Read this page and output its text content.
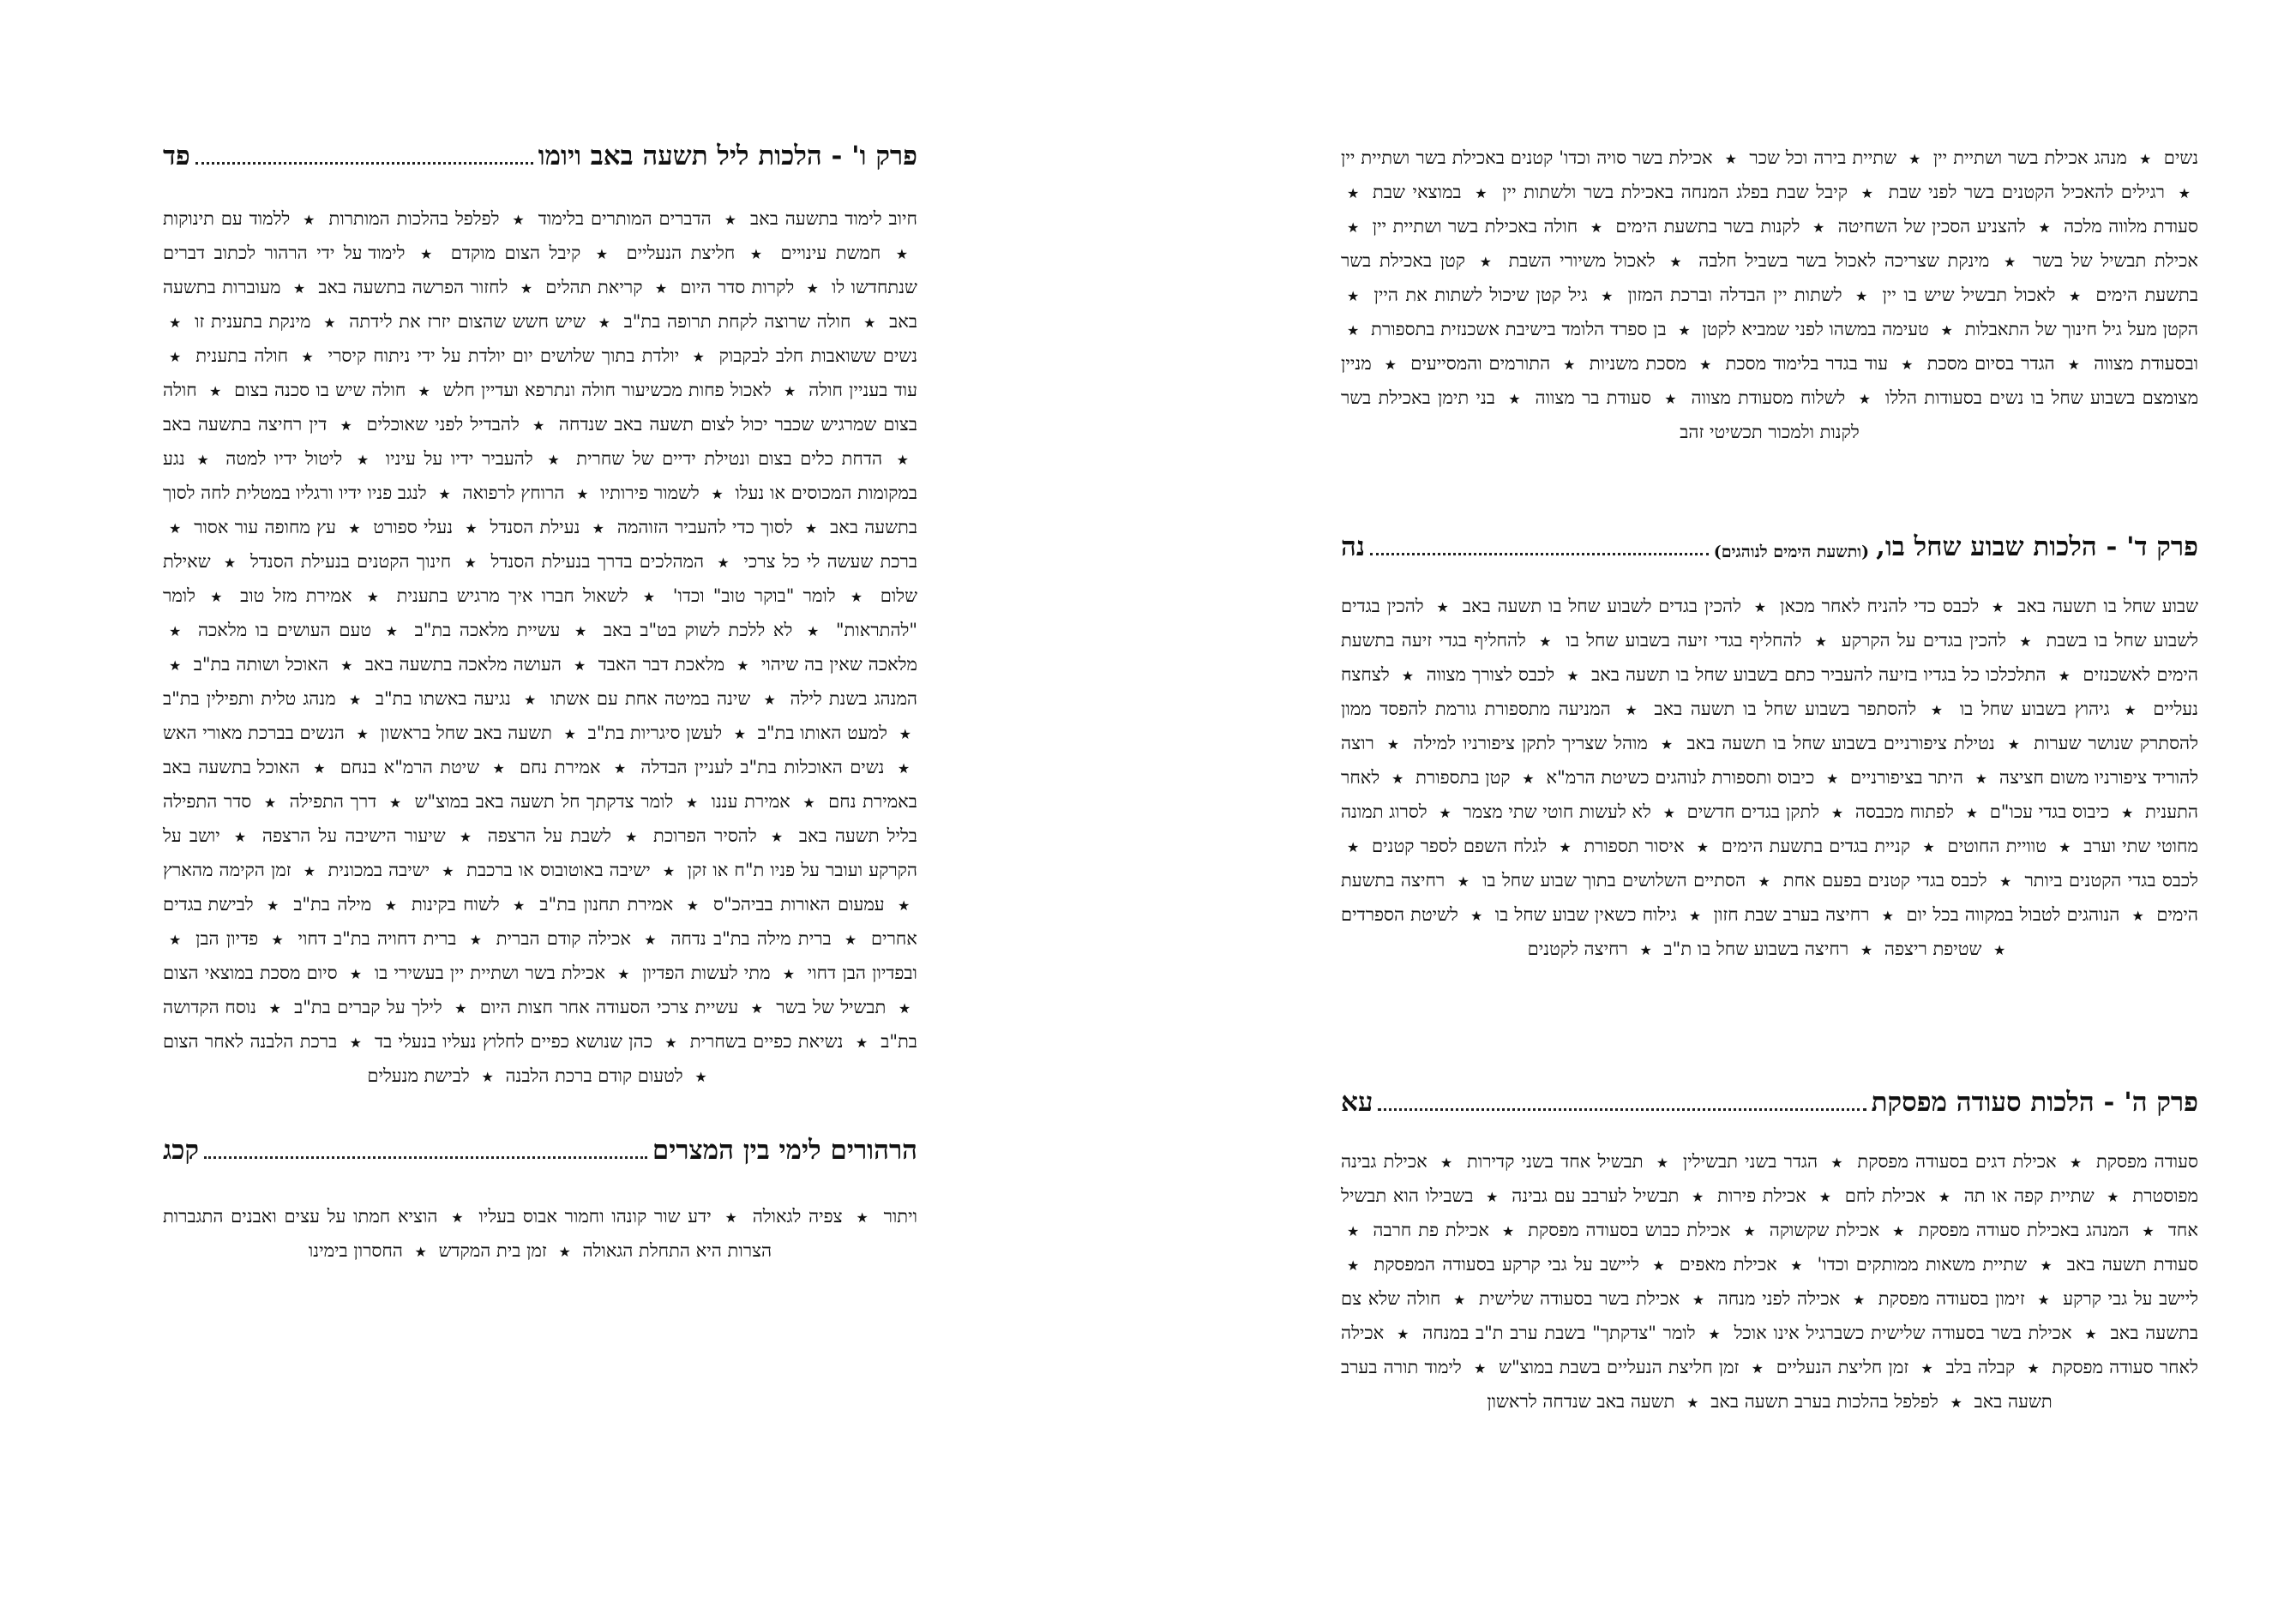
פרק ו' - הלכות ליל תשעה באב ויומו
פד

חיוב לימוד בתשעה באב ★ הדברים המותרים בלימוד ★ לפלפל בהלכות המותרות ★ ללמוד עם תינוקות ★ חמשת עינויים ★ חליצת הנעליים ★ קיבל הצום מוקדם ★ לימוד על ידי הרהור לכתוב דברים שנתחדשו לו ★ לקרות סדר היום ★ קריאת תהלים ★ לחזור הפרשה בתשעה באב ★ מעוברות בתשעה באב ★ חולה שרוצה לקחת תרופה בת"ב ★ שיש חשש שהצום יזרז את לידתה ★ מינקת בתענית זו ★ נשים ששואבות חלב לבקבוק ★ יולדת בתוך שלושים יום יולדת על ידי ניתוח קיסרי ★ חולה בתענית ★ עוד בעניין חולה ★ לאכול פחות מכשיעור חולה ונתרפא ועדיין חלש ★ חולה שיש בו סכנה בצום ★ חולה בצום שמרגיש שכבר יכול לצום תשעה באב שנדחה ★ להבדיל לפני שאוכלים ★ דין רחיצה בתשעה באב ★ הדחת כלים בצום ונטילת ידיים של שחרית ★ להעביר ידיו על עיניו ★ ליטול ידיו למטה ★ נגע במקומות המכוסים או נעלו ★ לשמור פירותיו ★ הרוחץ לרפואה ★ לנגב פניו ידיו ורגליו במטלית לחה לסוך בתשעה באב ★ לסוך כדי להעביר הזוהמה ★ נעילת הסנדל ★ נעלי ספורט ★ עץ מחופה עור אסור ★ ברכת שעשה לי כל צרכי ★ המהלכים בדרך בנעילת הסנדל ★ חינוך הקטנים בנעילת הסנדל ★ שאילת שלום ★ לומר "בוקר טוב" וכדו' ★ לשאול חברו איך מרגיש בתענית ★ אמירת מזל טוב ★ לומר "להתראות" ★ לא ללכת לשוק בט"ב באב ★ עשיית מלאכה בת"ב ★ טעם העושים בו מלאכה ★ מלאכה שאין בה שיהוי ★ מלאכת דבר האבד ★ העושה מלאכה בתשעה באב ★ האוכל ושותה בת"ב ★ המנהג בשנת לילה ★ שינה במיטה אחת עם אשתו ★ נגיעה באשתו בת"ב ★ מנהג טלית ותפילין בת"ב ★ למעט האותו בת"ב ★ לעשן סיגריות בת"ב ★ תשעה באב שחל בראשון ★ הנשים בברכת מאורי האש ★ נשים האוכלות בת"ב לעניין הבדלה ★ אמירת נחם ★ שיטת הרמ"א בנחם ★ האוכל בתשעה באב באמירת נחם ★ אמירת עננו ★ לומר צדקתך חל תשעה באב במוצ"ש ★ דרך התפילה ★ סדר התפילה בליל תשעה באב ★ להסיר הפרוכת ★ לשבת על הרצפה ★ שיעור הישיבה על הרצפה ★ יושב על הקרקע ועובר על פניו ת"ח או זקן ★ ישיבה באוטובוס או ברכבת ★ ישיבה במכונית ★ זמן הקימה מהארץ ★ עמעום האורות בביהכ"ס ★ אמירת תחנון בת"ב ★ לשוח בקינות ★ מילה בת"ב ★ לבישת בגדים אחרים ★ ברית מילה בת"ב נדחה ★ אכילה קודם הברית ★ ברית דחויה בת"ב דחוי ★ פדיון הבן ★ ובפדיון הבן דחוי ★ מתי לעשות הפדיון ★ אכילת בשר ושתיית יין בעשירי בו ★ סיום מסכת במוצאי הצום ★ תבשיל של בשר ★ עשיית צרכי הסעודה אחר חצות היום ★ לילך על קברים בת"ב ★ נוסח הקדושה בת"ב ★ נשיאת כפיים בשחרית ★ כהן שנושא כפיים לחלוץ נעליו בנעלי בד ★ ברכת הלבנה לאחר הצום ★ לטעום קודם ברכת הלבנה ★ לבישת מנעלים

הרהורים לימי בין המצרים
קכג

ויתור ★ צפיה לגאולה ★ ידע שור קונהו וחמור אבוס בעליו ★ הוציא חמתו על עצים ואבנים התגברות הצרות היא התחלת הגאולה ★ זמן בית המקדש ★ החסרון בימינו

נשים ★ מנהג אכילת בשר ושתיית יין ★ שתיית בירה וכל שכר ★ אכילת בשר סויה וכדו' קטנים באכילת בשר ושתיית יין ★ רגילים להאכיל הקטנים בשר לפני שבת ★ קיבל שבת בפלג המנחה באכילת בשר ולשתות יין ★ במוצאי שבת ★ סעודת מלווה מלכה ★ להצניע הסכין של השחיטה ★ לקנות בשר בתשעת הימים ★ חולה באכילת בשר ושתיית יין ★ אכילת תבשיל של בשר ★ מינקת שצריכה לאכול בשר בשביל חלבה ★ לאכול משיורי השבת ★ קטן באכילת בשר בתשעת הימים ★ לאכול תבשיל שיש בו יין ★ לשתות יין הבדלה וברכת המזון ★ גיל קטן שיכול לשתות את היין ★ הקטן מעל גיל חינוך של התאבלות ★ טעימה במשהו לפני שמביא לקטן ★ בן ספרד הלומד בישיבת אשכנזית בתספורת ★ ובסעודת מצווה ★ הגדר בסיום מסכת ★ עוד בגדר בלימוד מסכת ★ מסכת משניות ★ התורמים והמסייעים ★ מניין מצומצם בשבוע שחל בו נשים בסעודות הללו ★ לשלוח מסעודת מצווה ★ סעודת בר מצווה ★ בני תימן באכילת בשר לקנות ולמכור תכשיטי זהב

פרק ד' - הלכות שבוע שחל בו,
(ותשעת הימים לנוהגים)
נה

שבוע שחל בו תשעה באב ★ לכבס כדי להניח לאחר מכאן ★ להכין בגדים לשבוע שחל בו תשעה באב ★ להכין בגדים לשבוע שחל בו בשבת ★ להכין בגדים על הקרקע ★ להחליף בגדי זיעה בשבוע שחל בו ★ להחליף בגדי זיעה בתשעת הימים לאשכנזים ★ התלכלכו כל בגדיו בזיעה להעביר כתם בשבוע שחל בו תשעה באב ★ לכבס לצורך מצווה ★ לצחצח נעליים ★ גיהוץ בשבוע שחל בו ★ להסתפר בשבוע שחל בו תשעה באב ★ המניעה מתספורת גורמת להפסד ממון להסתרק שנושר שערות ★ נטילת ציפורניים בשבוע שחל בו תשעה באב ★ מוהל שצריך לתקן ציפורניו למילה ★ רוצה להוריד ציפורניו משום חציצה ★ היתר בציפורניים ★ כיבוס ותספורת לנוהגים כשיטת הרמ"א ★ קטן בתספורת ★ לאחר התענית ★ כיבוס בגדי עכו"ם ★ לפתוח מכבסה ★ לתקן בגדים חדשים ★ לא לעשות חוטי שתי מצמר ★ לסרוג תמונה מחוטי שתי וערב ★ טוויית החוטים ★ קניית בגדים בתשעת הימים ★ איסור תספורת ★ לגלח השפם לספר קטנים ★ לכבס בגדי הקטנים ביותר ★ לכבס בגדי קטנים בפעם אחת ★ הסתיים השלושים בתוך שבוע שחל בו ★ רחיצה בתשעת הימים ★ הנוהגים לטבול במקווה בכל יום ★ רחיצה בערב שבת חזון ★ גילוח כשאין שבוע שחל בו ★ לשיטת הספרדים ★ שטיפת ריצפה ★ רחיצה בשבוע שחל בו ת"ב ★ רחיצה לקטנים

פרק ה' - הלכות סעודה מפסקת
עא

סעודה מפסקת ★ אכילת דגים בסעודה מפסקת ★ הגדר בשני תבשילין ★ תבשיל אחד בשני קדירות ★ אכילת גבינה מפוסטרת ★ שתיית קפה או תה ★ אכילת לחם ★ אכילת פירות ★ תבשיל לערבב עם גבינה ★ בשבילו הוא תבשיל אחד ★ המנהג באכילת סעודה מפסקת ★ אכילת שקשוקה ★ אכילת כבוש בסעודה מפסקת ★ אכילת פת חרבה ★ סעודת תשעה באב ★ שתיית משאות ממותקים וכדו' ★ אכילת מאפים ★ ליישב על גבי קרקע בסעודה המפסקת ★ ליישב על גבי קרקע ★ זימון בסעודה מפסקת ★ אכילה לפני מנחה ★ אכילת בשר בסעודה שלישית ★ חולה שלא צם בתשעה באב ★ אכילת בשר בסעודה שלישית כשברגיל אינו אוכל ★ לומר "צדקתך" בשבת ערב ת"ב במנחה ★ אכילה לאחר סעודה מפסקת ★ קבלה בלב ★ זמן חליצת הנעליים ★ זמן חליצת הנעליים בשבת במוצ"ש ★ לימוד תורה בערב תשעה באב ★ לפלפל בהלכות בערב תשעה באב ★ תשעה באב שנדחה לראשון
